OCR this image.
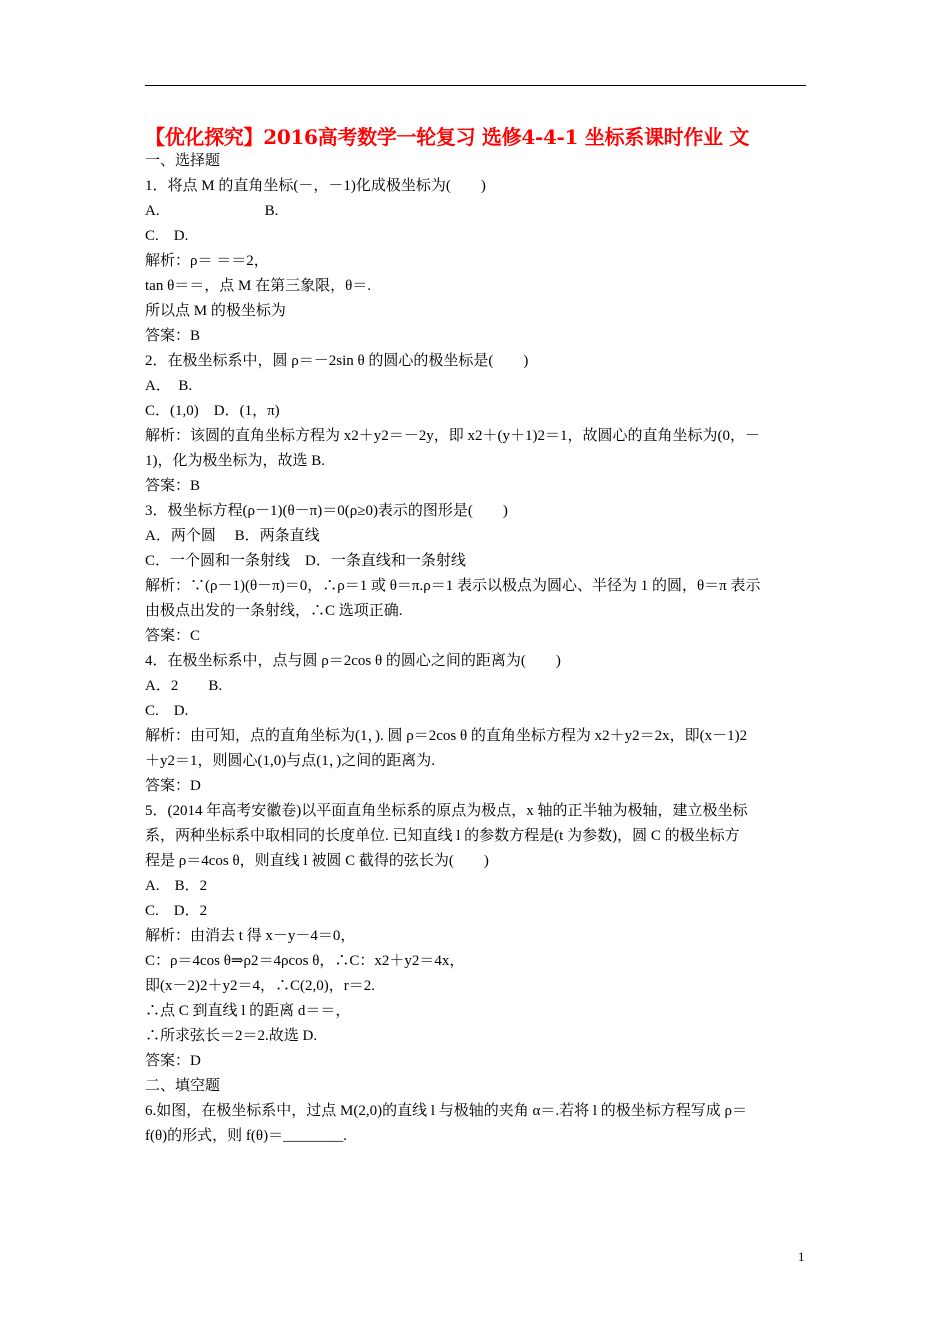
【优化探究】2016高考数学一轮复习 选修4-4-1 坐标系课时作业 文
一、选择题
1．将点 M 的直角坐标(－，－1)化成极坐标为(　　)
A.　　　　　　　B.
C.　D.
解析：ρ＝ ＝＝2，
tan θ＝＝，点 M 在第三象限，θ＝.
所以点 M 的极坐标为
答案：B
2．在极坐标系中，圆 ρ＝－2sin θ 的圆心的极坐标是(　　)
A．　B.
C．(1,0)　D．(1，π)
解析：该圆的直角坐标方程为 x2＋y2＝－2y，即 x2＋(y＋1)2＝1，故圆心的直角坐标为(0，－
1)，化为极坐标为，故选 B.
答案：B
3．极坐标方程(ρ－1)(θ－π)＝0(ρ≥0)表示的图形是(　　)
A．两个圆　 B．两条直线
C．一个圆和一条射线　D．一条直线和一条射线
解析：∵(ρ－1)(θ－π)＝0，∴ρ＝1 或 θ＝π.ρ＝1 表示以极点为圆心、半径为 1 的圆，θ＝π 表示
由极点出发的一条射线，∴C 选项正确.
答案：C
4．在极坐标系中，点与圆 ρ＝2cos θ 的圆心之间的距离为(　　)
A．2　　B.
C.　D.
解析：由可知，点的直角坐标为(1，). 圆 ρ＝2cos θ 的直角坐标方程为 x2＋y2＝2x，即(x－1)2
＋y2＝1，则圆心(1,0)与点(1，)之间的距离为.
答案：D
5．(2014 年高考安徽卷)以平面直角坐标系的原点为极点，x 轴的正半轴为极轴，建立极坐标
系，两种坐标系中取相同的长度单位. 已知直线 l 的参数方程是(t 为参数)，圆 C 的极坐标方
程是 ρ＝4cos θ，则直线 l 被圆 C 截得的弦长为(　　)
A.　B．2
C.　D．2
解析：由消去 t 得 x－y－4＝0，
C：ρ＝4cos θ⇒ρ2＝4ρcos θ，∴C：x2＋y2＝4x，
即(x－2)2＋y2＝4，∴C(2,0)，r＝2.
∴点 C 到直线 l 的距离 d＝＝，
∴所求弦长＝2＝2.故选 D.
答案：D
二、填空题
6.如图，在极坐标系中，过点 M(2,0)的直线 l 与极轴的夹角 α＝.若将 l 的极坐标方程写成 ρ＝
f(θ)的形式，则 f(θ)＝________.
1
